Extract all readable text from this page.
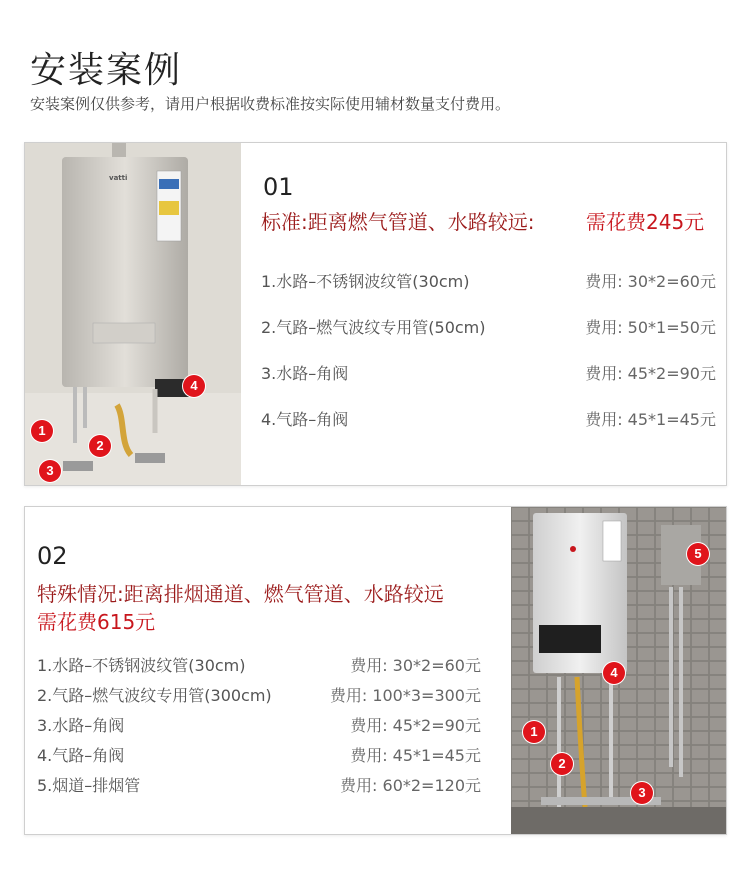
安装案例
安装案例仅供参考，请用户根据收费标准按实际使用辅材数量支付费用。
1
2
3
4
vatti	01
标准:距离燃气管道、水路较远:	需花费245元
1.水路–不锈钢波纹管(30cm)	费用: 30*2=60元
2.气路–燃气波纹专用管(50cm)	费用: 50*1=50元
3.水路–角阀	费用: 45*2=90元
4.气路–角阀	费用: 45*1=45元
02
特殊情况:距离排烟通道、燃气管道、水路较远
需花费615元
1.水路–不锈钢波纹管(30cm)	费用: 30*2=60元
2.气路–燃气波纹专用管(300cm)	费用: 100*3=300元
3.水路–角阀	费用: 45*2=90元
4.气路–角阀	费用: 45*1=45元
5.烟道–排烟管	费用: 60*2=120元
1
2
3
4
5
